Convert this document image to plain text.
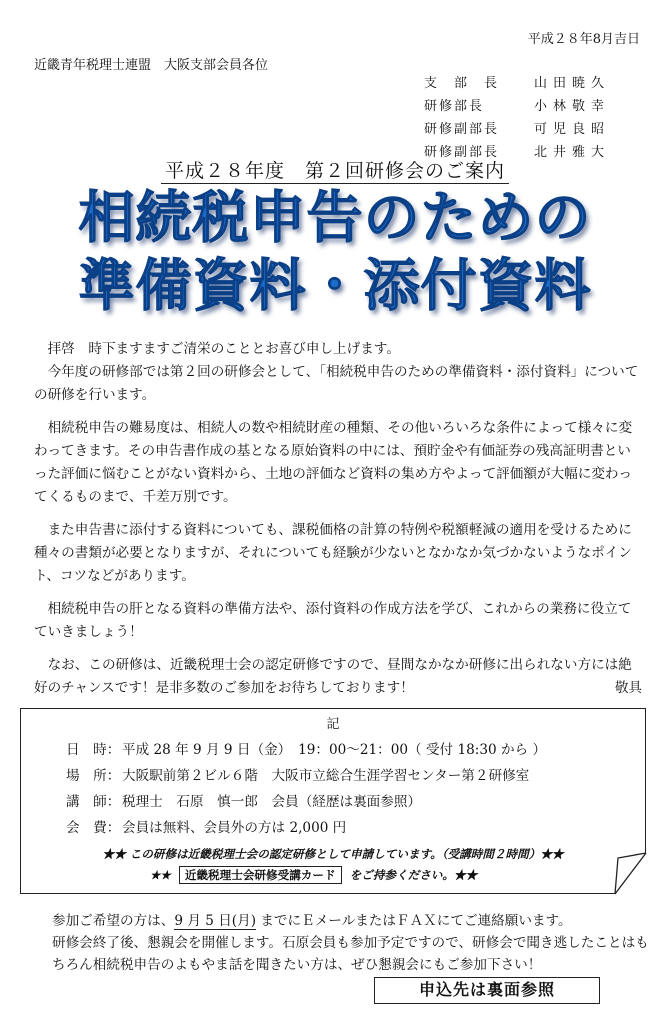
平成２８年8月吉日
近畿青年税理士連盟　大阪支部会員各位
支　部　長	山田暁久
研修部長	小林敬幸
研修副部長	可児良昭
研修副部長	北井雅大
平成２８年度　第２回研修会のご案内
相続税申告のための
準備資料・添付資料

拝啓　時下ますますご清栄のこととお喜び申し上げます。

今年度の研修部では第２回の研修会として、「相続税申告のための準備資料・添付資料」についての研修を行います。

相続税申告の難易度は、相続人の数や相続財産の種類、その他いろいろな条件によって様々に変わってきます。その申告書作成の基となる原始資料の中には、預貯金や有価証券の残高証明書といった評価に悩むことがない資料から、土地の評価など資料の集め方やよって評価額が大幅に変わってくるものまで、千差万別です。

また申告書に添付する資料についても、課税価格の計算の特例や税額軽減の適用を受けるために種々の書類が必要となりますが、それについても経験が少ないとなかなか気づかないようなポイント、コツなどがあります。

相続税申告の肝となる資料の準備方法や、添付資料の作成方法を学び、これからの業務に役立てていきましょう！

なお、この研修は、近畿税理士会の認定研修ですので、昼間なかなか研修に出られない方には絶好のチャンスです！是非多数のご参加をお待ちしております！	敬具

記
日　時： 平成 28 年 9 月 9 日（金）　19：00～21：00（ 受付 18:30 から ）
場　所： 大阪駅前第２ビル６階　大阪市立総合生涯学習センター第２研修室
講　師： 税理士　石原　慎一郎　会員（経歴は裏面参照）
会　費： 会員は無料、会員外の方は 2,000 円
★★ この研修は近畿税理士会の認定研修として申請しています。（受講時間２時間）★★
★★ 近畿税理士会研修受講カード をご持参ください。★★
参加ご希望の方は、9 月 5 日(月) までにＥメールまたはＦＡＸにてご連絡願います。
研修会終了後、懇親会を開催します。石原会員も参加予定ですので、研修会で聞き逃したことはもちろん相続税申告のよもやま話を聞きたい方は、ぜひ懇親会にもご参加下さい！
申込先は裏面参照
